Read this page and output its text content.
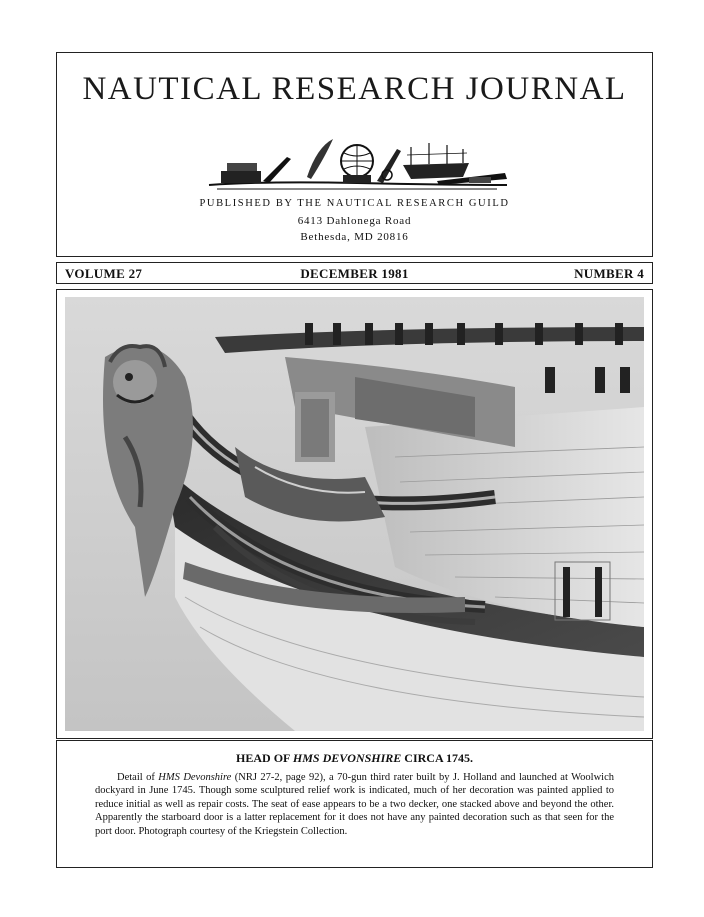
NAUTICAL RESEARCH JOURNAL
PUBLISHED BY THE NAUTICAL RESEARCH GUILD
6413 Dahlonega Road
Bethesda, MD 20816
DECEMBER 1981
VOLUME 27	NUMBER 4
HEAD OF HMS DEVONSHIRE CIRCA 1745.
Detail of HMS Devonshire (NRJ 27-2, page 92), a 70-gun third rater built by J. Holland and launched at Woolwich dockyard in June 1745. Though some sculptured relief work is indicated, much of her decoration was painted applied to reduce initial as well as repair costs. The seat of ease appears to be a two decker, one stacked above and beyond the other. Apparently the starboard door is a latter replacement for it does not have any painted decoration such as that seen for the port door. Photograph courtesy of the Kriegstein Collection.
